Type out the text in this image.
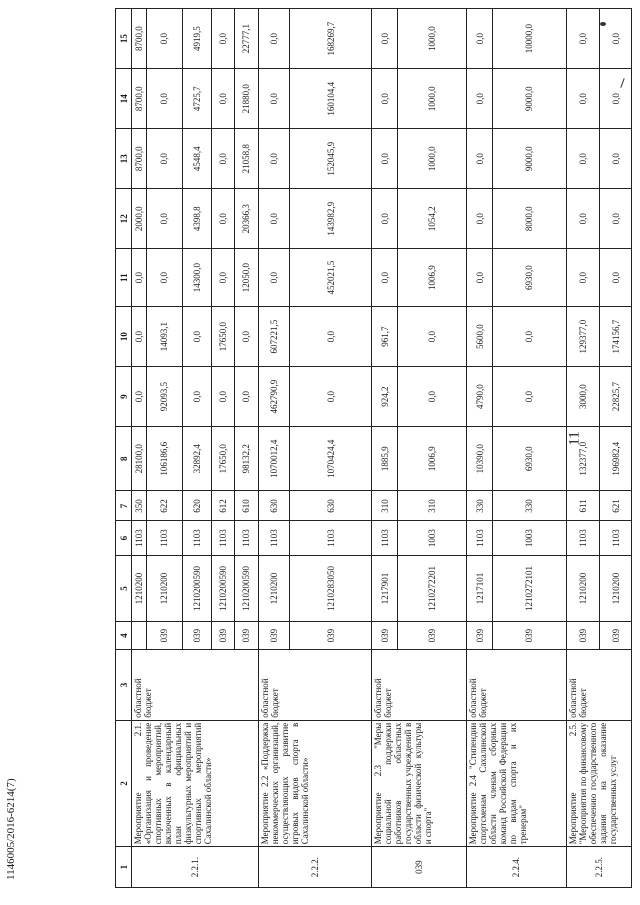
11
1146005/2016-6214(7)	1	2	3	4	5	6	7	8	9	10	11	12	13	14	15
2.2.1.	Мероприятие 2.1. «Организация и проведение спортивных мероприятий, включенных в календарный план официальных физкультурных мероприятий и спортивных мероприятий Сахалинской области»	областной бюджет		1210200	1103	350	28100,0	0,0	0,0	0,0	2000,0	8700,0	8700,0	8700,0
			039	1210200	1103	622	106186,6	92093,5	14093,1	0,0	0,0	0,0	0,0	0,0
			039	1210200590	1103	620	32892,4	0,0	0,0	14300,0	4398,8	4548,4	4725,7	4919,5
			039	1210200590	1103	612	17650,0	0,0	17650,0	0,0	0,0	0,0	0,0	0,0
			039	1210200590	1103	610	98132,2	0,0	0,0	12050,0	20366,3	21058,8	21880,0	22777,1
2.2.2.	Мероприятие 2.2 «Поддержка некоммерческих организаций, осуществляющих развитие игровых видов спорта в Сахалинской области»	областной бюджет	039	1210200	1103	630	1070012,4	462790,9	607221,5	0,0	0,0	0,0	0,0	0,0
			039	1210283050	1103	630	1070424,4	0,0	0,0	452021,5	143982,9	152045,9	160104,4	168269,7
039	Мероприятие 2.3 "Меры социальной поддержки работников областных государственных учреждений в области физической культуры и спорта"	областной бюджет	039	1217901	1103	310	1885,9	924,2	961,7	0,0	0,0	0,0	0,0	0,0
			039	1210272201	1003	310	1006,9	0,0	0,0	1006,9	1054,2	1000,0	1000,0	1000,0
2.2.4.	Мероприятие 2.4 "Стипендии спортсменам Сахалинской области членам сборных команд Российской Федерации по видам спорта и их тренерам"	областной бюджет	039	1217101	1103	330	10390,0	4790,0	5600,0	0,0	0,0	0,0	0,0	0,0
			039	1210272101	1003	330	6930,0	0,0	0,0	6930,0	8000,0	9000,0	9000,0	10000,0
2.2.5.	Мероприятие 2.5. "Мероприятия по финансовому обеспечению государственного задания на оказание государственных услуг	областной бюджет	039	1210200	1103	611	132377,0	3000,0	129377,0	0,0	0,0	0,0	0,0	0,0
			039	1210200	1103	621	196982,4	22825,7	174156,7	0,0	0,0	0,0	0,0	0,0
